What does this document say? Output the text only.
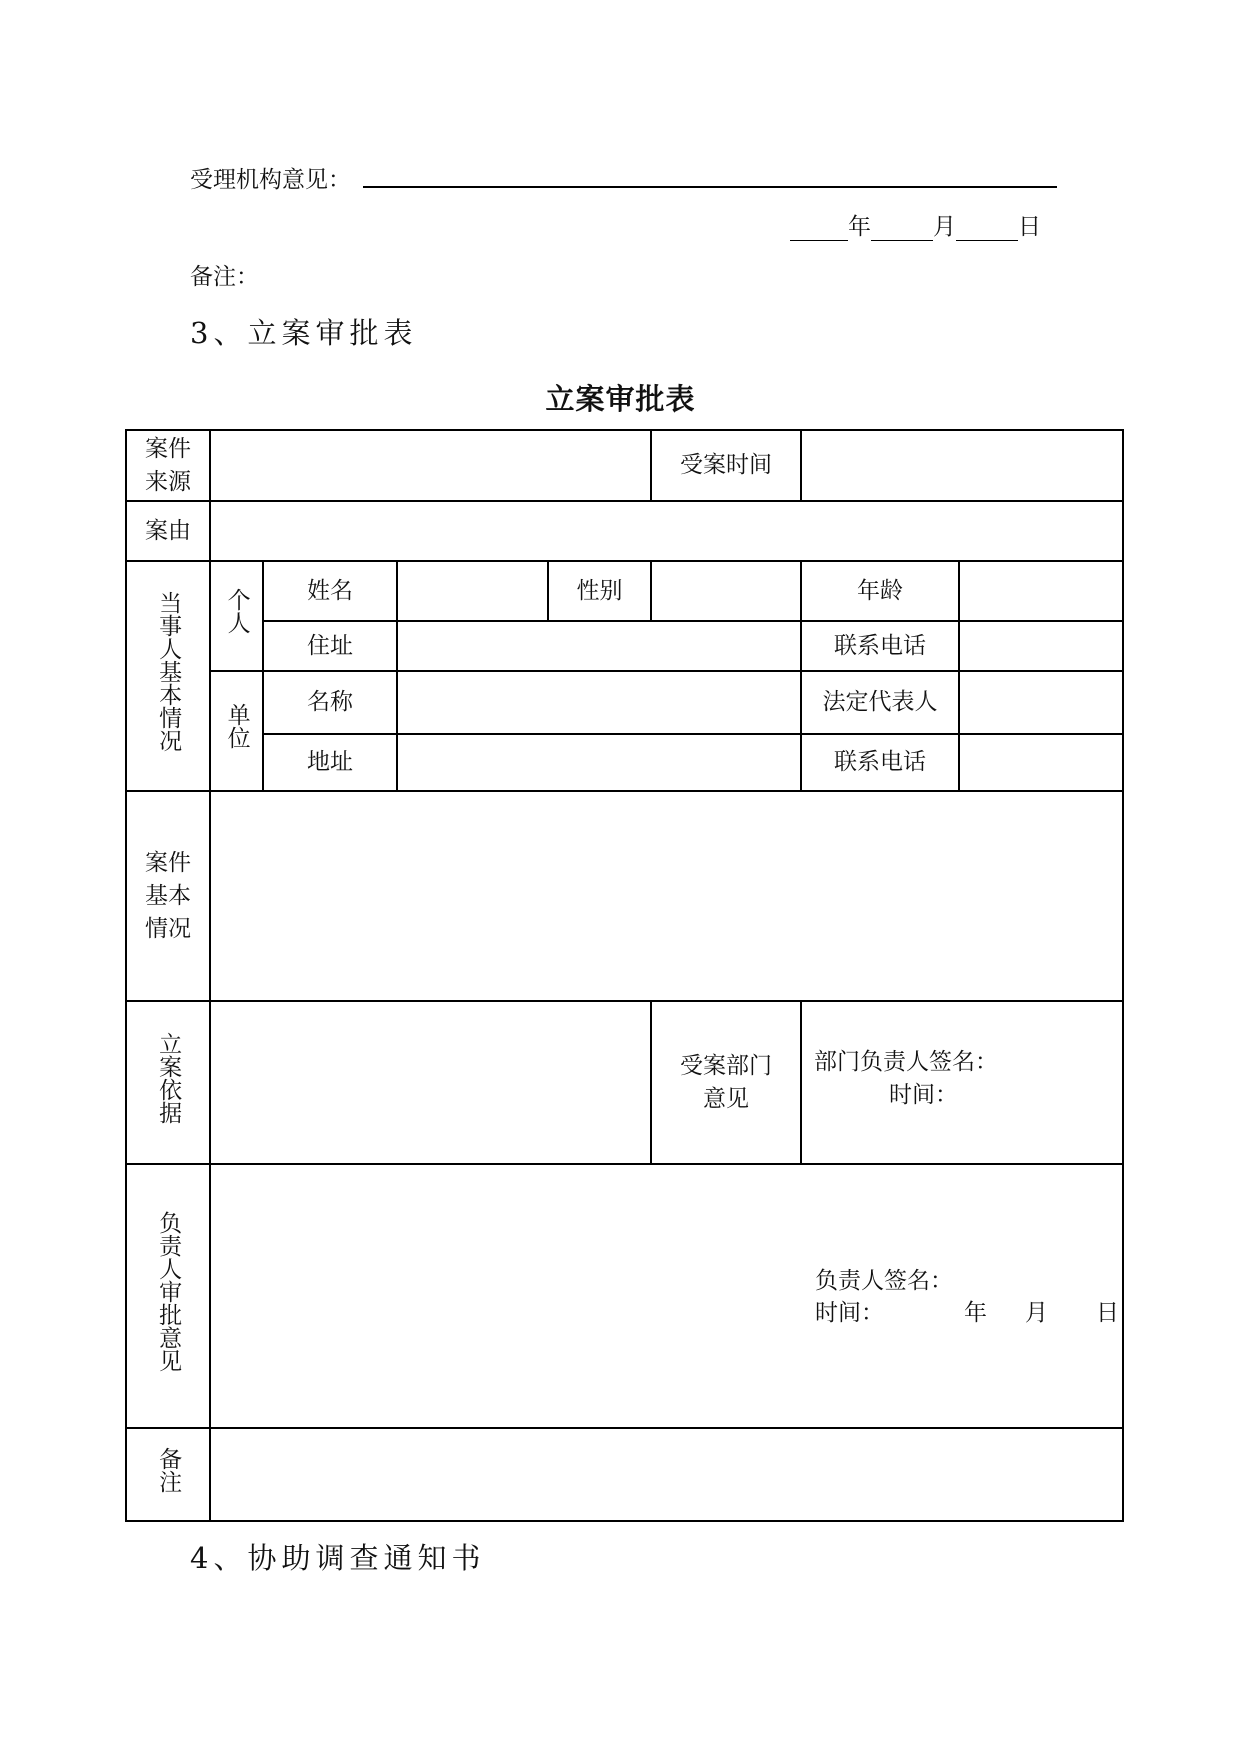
受理机构意见：
年	月	日
备注：
3、立案审批表
立案审批表
案件来源					受案时间		
案由							
当事人基本情况	个人	姓名		性别		年龄	
		住址				联系电话	
	单位	名称				法定代表人	
		地址				联系电话	
案件基本情况							
立案依据					受案部门意见	部门负责人签名：
时间：	

负责人审批意见	负责人签名：
时间： 年 月 日						

备注							
4、协助调查通知书
